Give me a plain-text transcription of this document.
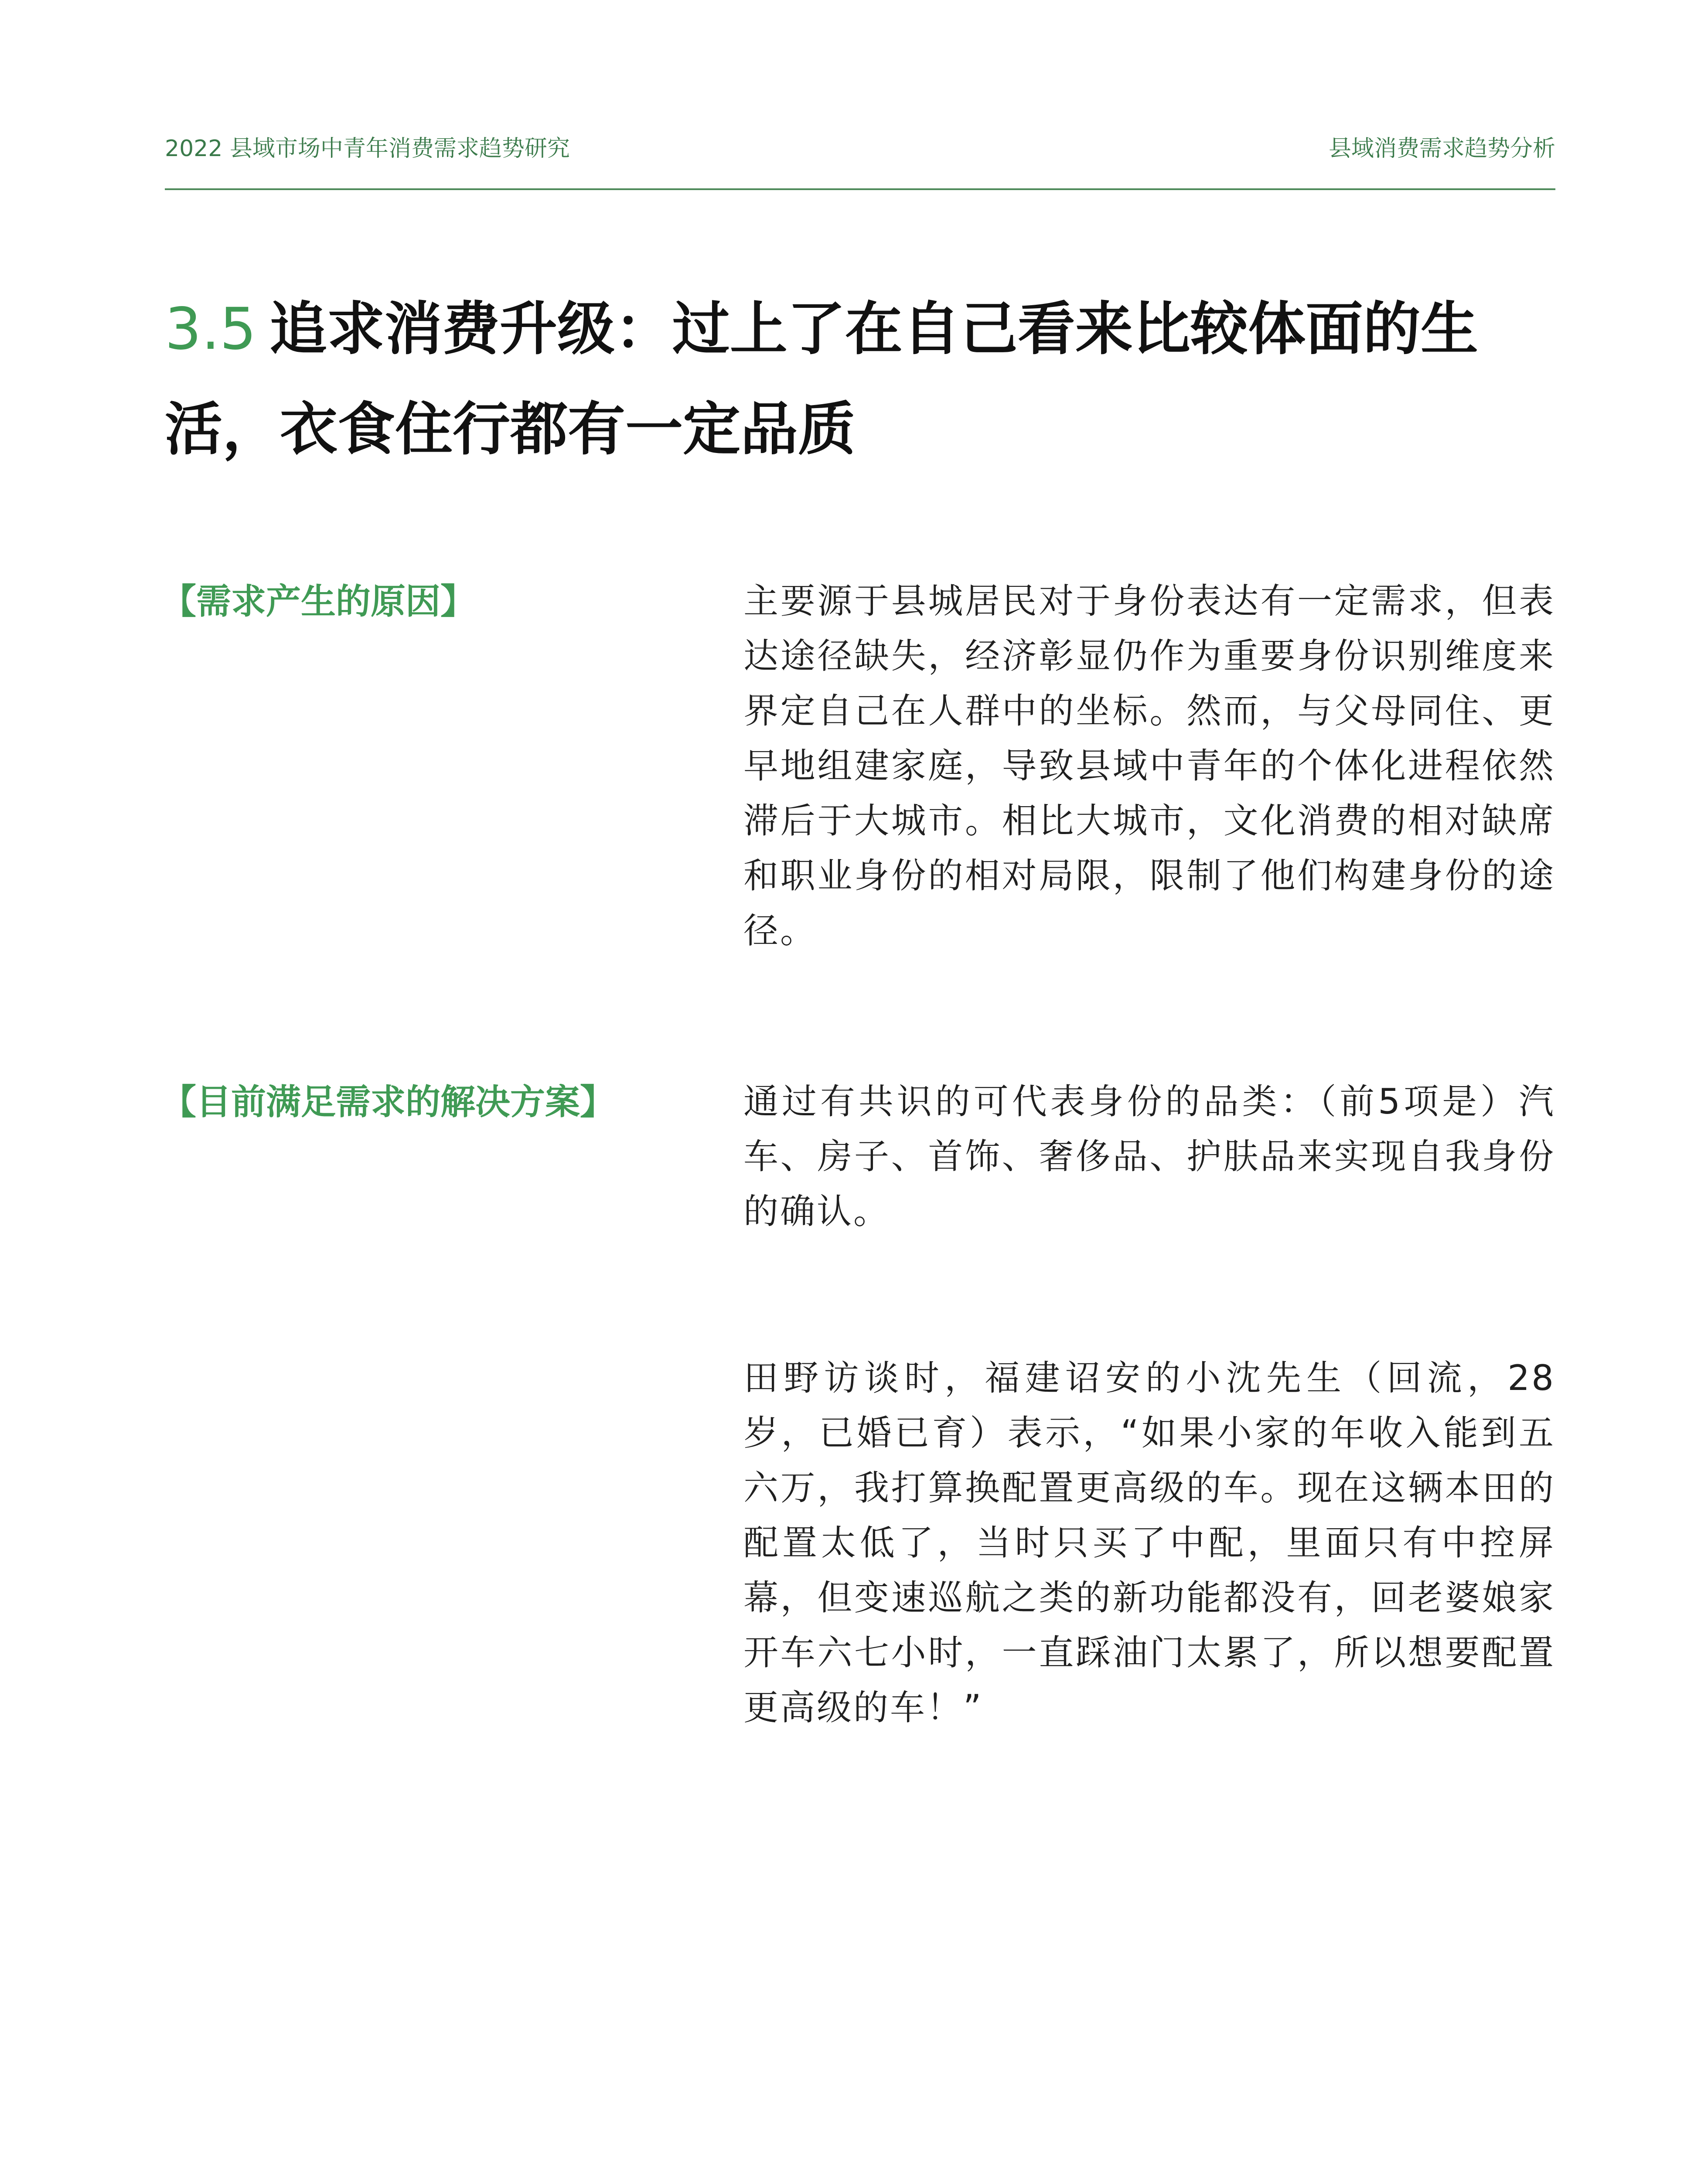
2022 县域市场中青年消费需求趋势研究	县域消费需求趋势分析
3.5 追求消费升级：过上了在自己看来比较体面的生活，衣食住行都有一定品质
【需求产生的原因】	主要源于县城居民对于身份表达有一定需求，但表达途径缺失，经济彰显仍作为重要身份识别维度来界定自己在人群中的坐标。然而，与父母同住、更早地组建家庭，导致县域中青年的个体化进程依然滞后于大城市。相比大城市，文化消费的相对缺席和职业身份的相对局限，限制了他们构建身份的途径。
【目前满足需求的解决方案】	通过有共识的可代表身份的品类：（前5项是）汽车、房子、首饰、奢侈品、护肤品来实现自我身份的确认。
田野访谈时，福建诏安的小沈先生（回流，28岁，已婚已育）表示，“如果小家的年收入能到五六万，我打算换配置更高级的车。现在这辆本田的配置太低了，当时只买了中配，里面只有中控屏幕，但变速巡航之类的新功能都没有，回老婆娘家开车六七小时，一直踩油门太累了，所以想要配置更高级的车！”
